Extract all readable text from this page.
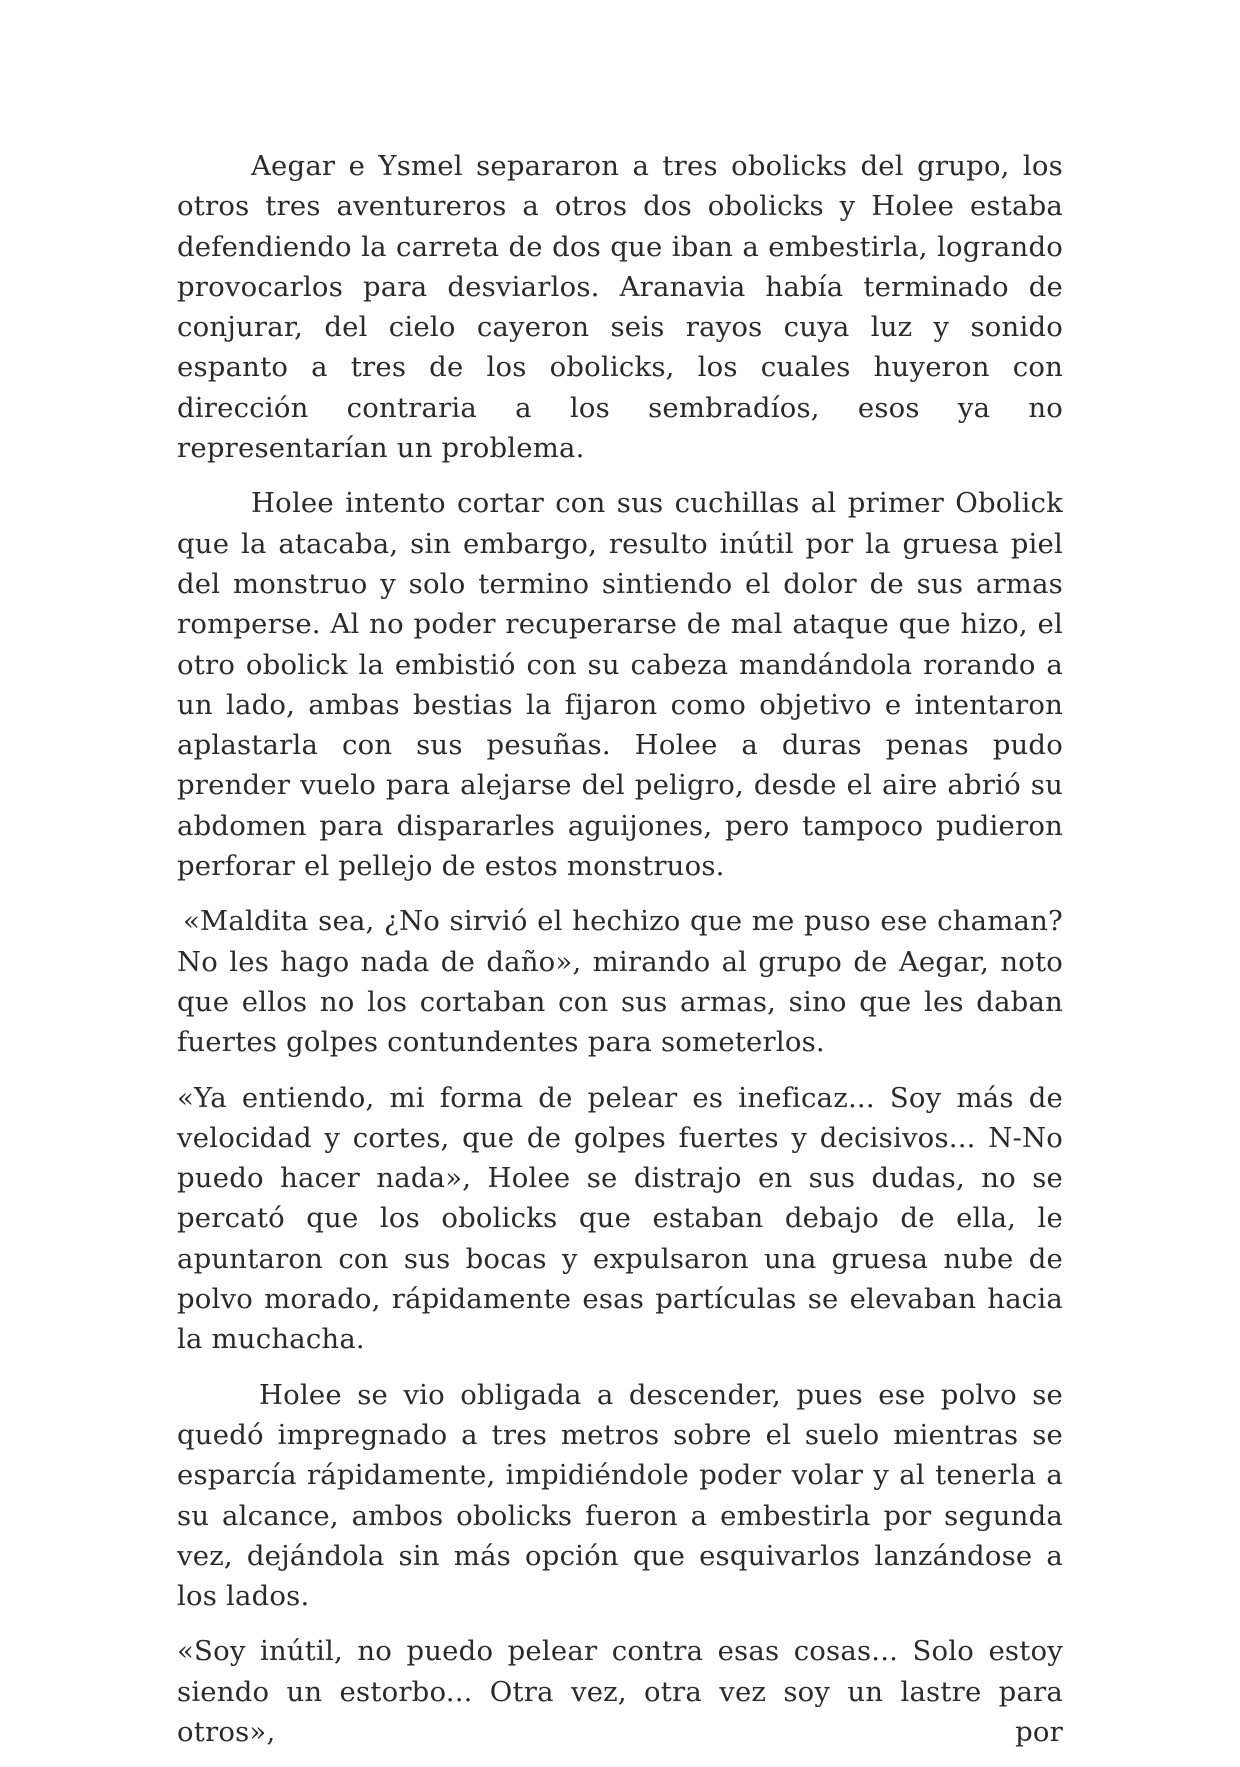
Aegar e Ysmel separaron a tres obolicks del grupo, los otros tres aventureros a otros dos obolicks y Holee estaba defendiendo la carreta de dos que iban a embestirla, logrando provocarlos para desviarlos. Aranavia había terminado de conjurar, del cielo cayeron seis rayos cuya luz y sonido espanto a tres de los obolicks, los cuales huyeron con dirección contraria a los sembradíos, esos ya no representarían un problema.

Holee intento cortar con sus cuchillas al primer Obolick que la atacaba, sin embargo, resulto inútil por la gruesa piel del monstruo y solo termino sintiendo el dolor de sus armas romperse. Al no poder recuperarse de mal ataque que hizo, el otro obolick la embistió con su cabeza mandándola rorando a un lado, ambas bestias la fijaron como objetivo e intentaron aplastarla con sus pesuñas. Holee a duras penas pudo prender vuelo para alejarse del peligro, desde el aire abrió su abdomen para dispararles aguijones, pero tampoco pudieron perforar el pellejo de estos monstruos.

«Maldita sea, ¿No sirvió el hechizo que me puso ese chaman? No les hago nada de daño», mirando al grupo de Aegar, noto que ellos no los cortaban con sus armas, sino que les daban fuertes golpes contundentes para someterlos.

«Ya entiendo, mi forma de pelear es ineficaz... Soy más de velocidad y cortes, que de golpes fuertes y decisivos... N-No puedo hacer nada», Holee se distrajo en sus dudas, no se percató que los obolicks que estaban debajo de ella, le apuntaron con sus bocas y expulsaron una gruesa nube de polvo morado, rápidamente esas partículas se elevaban hacia la muchacha.

Holee se vio obligada a descender, pues ese polvo se quedó impregnado a tres metros sobre el suelo mientras se esparcía rápidamente, impidiéndole poder volar y al tenerla a su alcance, ambos obolicks fueron a embestirla por segunda vez, dejándola sin más opción que esquivarlos lanzándose a los lados.

«Soy inútil, no puedo pelear contra esas cosas... Solo estoy siendo un estorbo... Otra vez, otra vez soy un lastre para otros», por
